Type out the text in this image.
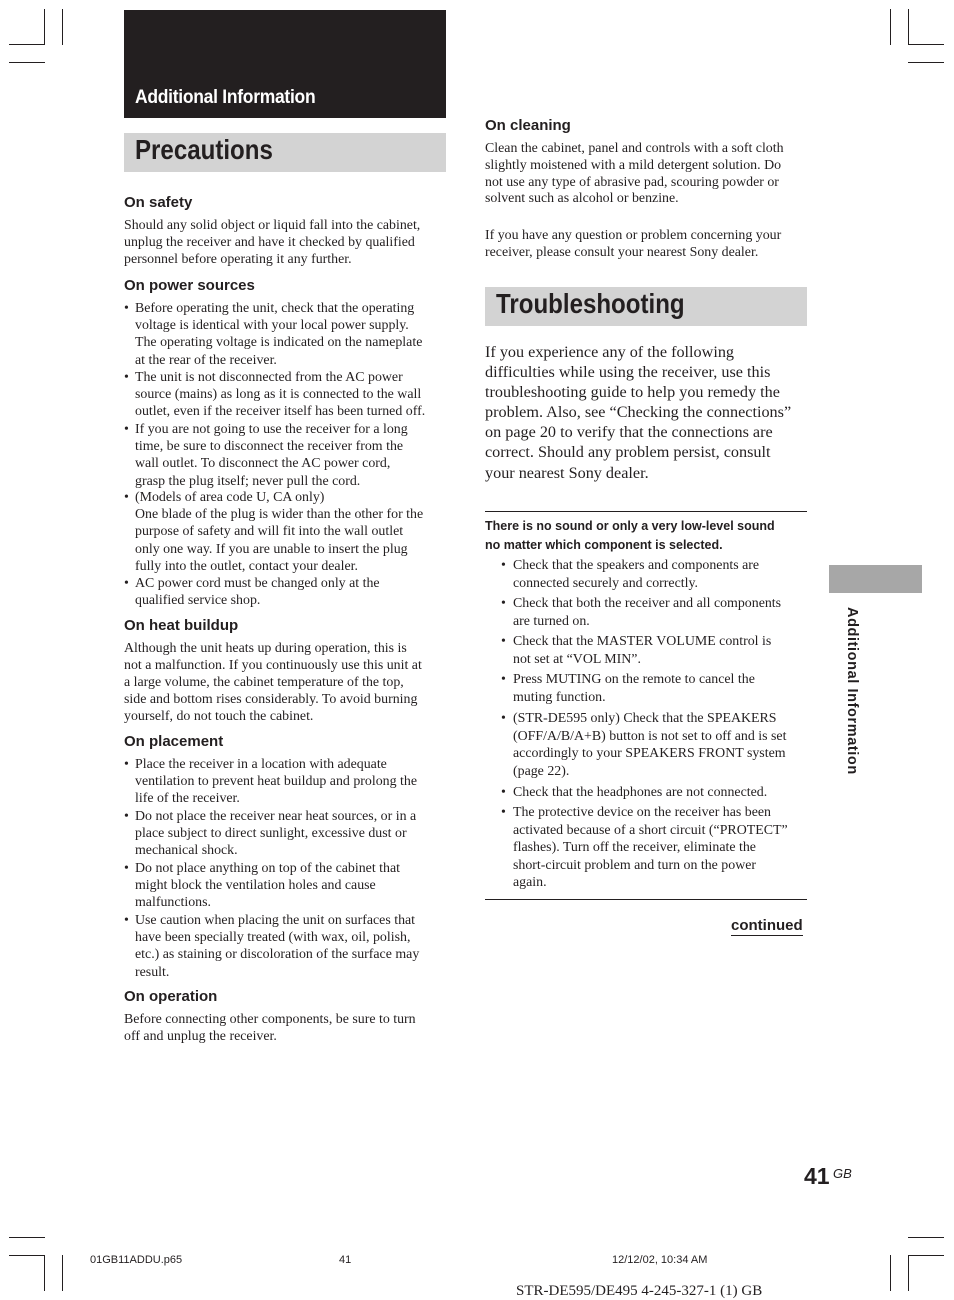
Additional Information
Precautions
On safety

Should any solid object or liquid fall into the cabinet,

unplug the receiver and have it checked by qualified

personnel before operating it any further.

On power sources
• Before operating the unit, check that the operating
voltage is identical with your local power supply.
The operating voltage is indicated on the nameplate
at the rear of the receiver.
• The unit is not disconnected from the AC power
source (mains) as long as it is connected to the wall
outlet, even if the receiver itself has been turned off.
• If you are not going to use the receiver for a long
time, be sure to disconnect the receiver from the
wall outlet. To disconnect the AC power cord,
grasp the plug itself; never pull the cord.
• (Models of area code U, CA only)
One blade of the plug is wider than the other for the
purpose of safety and will fit into the wall outlet
only one way. If you are unable to insert the plug
fully into the outlet, contact your dealer.
• AC power cord must be changed only at the
qualified service shop.
On heat buildup

Although the unit heats up during operation, this is

not a malfunction. If you continuously use this unit at

a large volume, the cabinet temperature of the top,

side and bottom rises considerably. To avoid burning

yourself, do not touch the cabinet.

On placement
• Place the receiver in a location with adequate
ventilation to prevent heat buildup and prolong the
life of the receiver.
• Do not place the receiver near heat sources, or in a
place subject to direct sunlight, excessive dust or
mechanical shock.
• Do not place anything on top of the cabinet that
might block the ventilation holes and cause
malfunctions.
• Use caution when placing the unit on surfaces that
have been specially treated (with wax, oil, polish,
etc.) as staining or discoloration of the surface may
result.
On operation

Before connecting other components, be sure to turn

off and unplug the receiver.

On cleaning

Clean the cabinet, panel and controls with a soft cloth

slightly moistened with a mild detergent solution. Do

not use any type of abrasive pad, scouring powder or

solvent such as alcohol or benzine.

If you have any question or problem concerning your

receiver, please consult your nearest Sony dealer.

Troubleshooting

If you experience any of the following

difficulties while using the receiver, use this

troubleshooting guide to help you remedy the

problem. Also, see “Checking the connections”

on page 20 to verify that the connections are

correct. Should any problem persist, consult

your nearest Sony dealer.

There is no sound or only a very low-level sound
no matter which component is selected.

• Check that the speakers and components are
connected securely and correctly.
• Check that both the receiver and all components
are turned on.
• Check that the MASTER VOLUME control is
not set at “VOL MIN”.
• Press MUTING on the remote to cancel the
muting function.
• (STR-DE595 only) Check that the SPEAKERS
(OFF/A/B/A+B) button is not set to off and is set
accordingly to your SPEAKERS FRONT system
(page 22).
• Check that the headphones are not connected.
• The protective device on the receiver has been
activated because of a short circuit (“PROTECT”
flashes). Turn off the receiver, eliminate the
short-circuit problem and turn on the power
again.
continued
Additional Information
41 GB
01GB11ADDU.p65	41	12/12/02, 10:34 AM
STR-DE595/DE495 4-245-327-1 (1) GB
